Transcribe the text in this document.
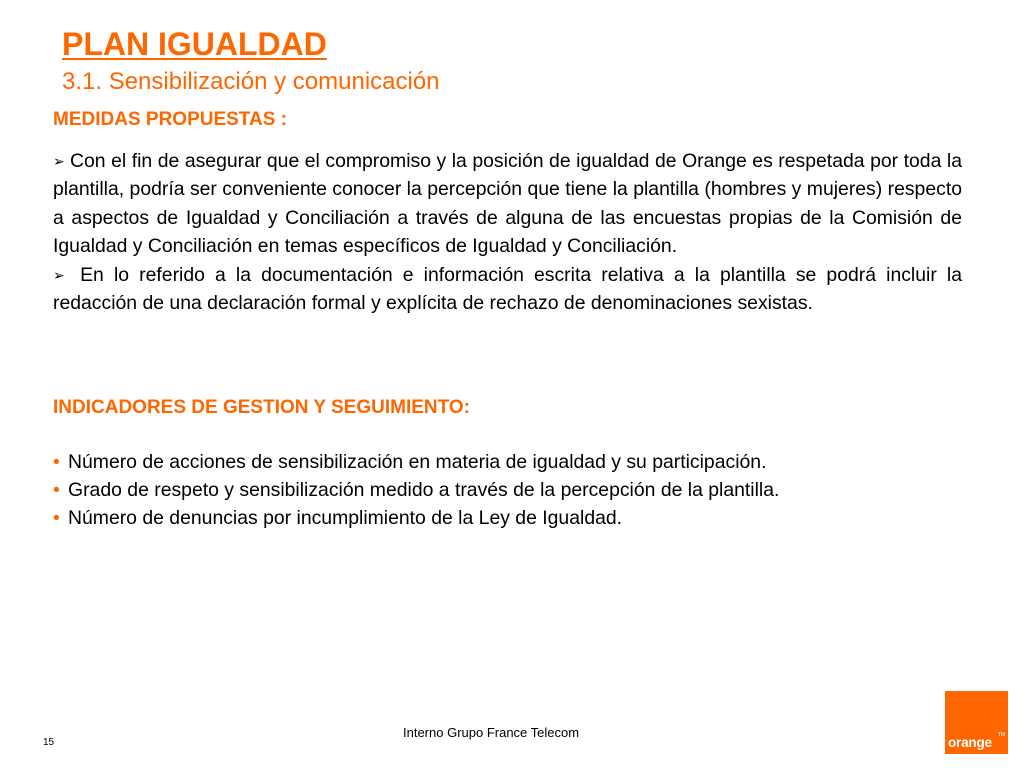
PLAN IGUALDAD
3.1. Sensibilización y comunicación
MEDIDAS PROPUESTAS :

➢ Con el fin de asegurar que el compromiso y la posición de igualdad de Orange es respetada por toda la plantilla, podría ser conveniente conocer la percepción que tiene la plantilla (hombres y mujeres) respecto a aspectos de Igualdad y Conciliación a través de alguna de las encuestas propias de la Comisión de Igualdad y Conciliación en temas específicos de Igualdad y Conciliación.

➢ En lo referido a la documentación e información escrita relativa a la plantilla se podrá incluir la redacción de una declaración formal y explícita de rechazo de denominaciones sexistas.

INDICADORES DE GESTION Y SEGUIMIENTO:
• Número de acciones de sensibilización en materia de igualdad y su participación.
• Grado de respeto y sensibilización medido a través de la percepción de la plantilla.
• Número de denuncias por incumplimiento de la Ley de Igualdad.
Interno Grupo France Telecom
15
TM
orange
